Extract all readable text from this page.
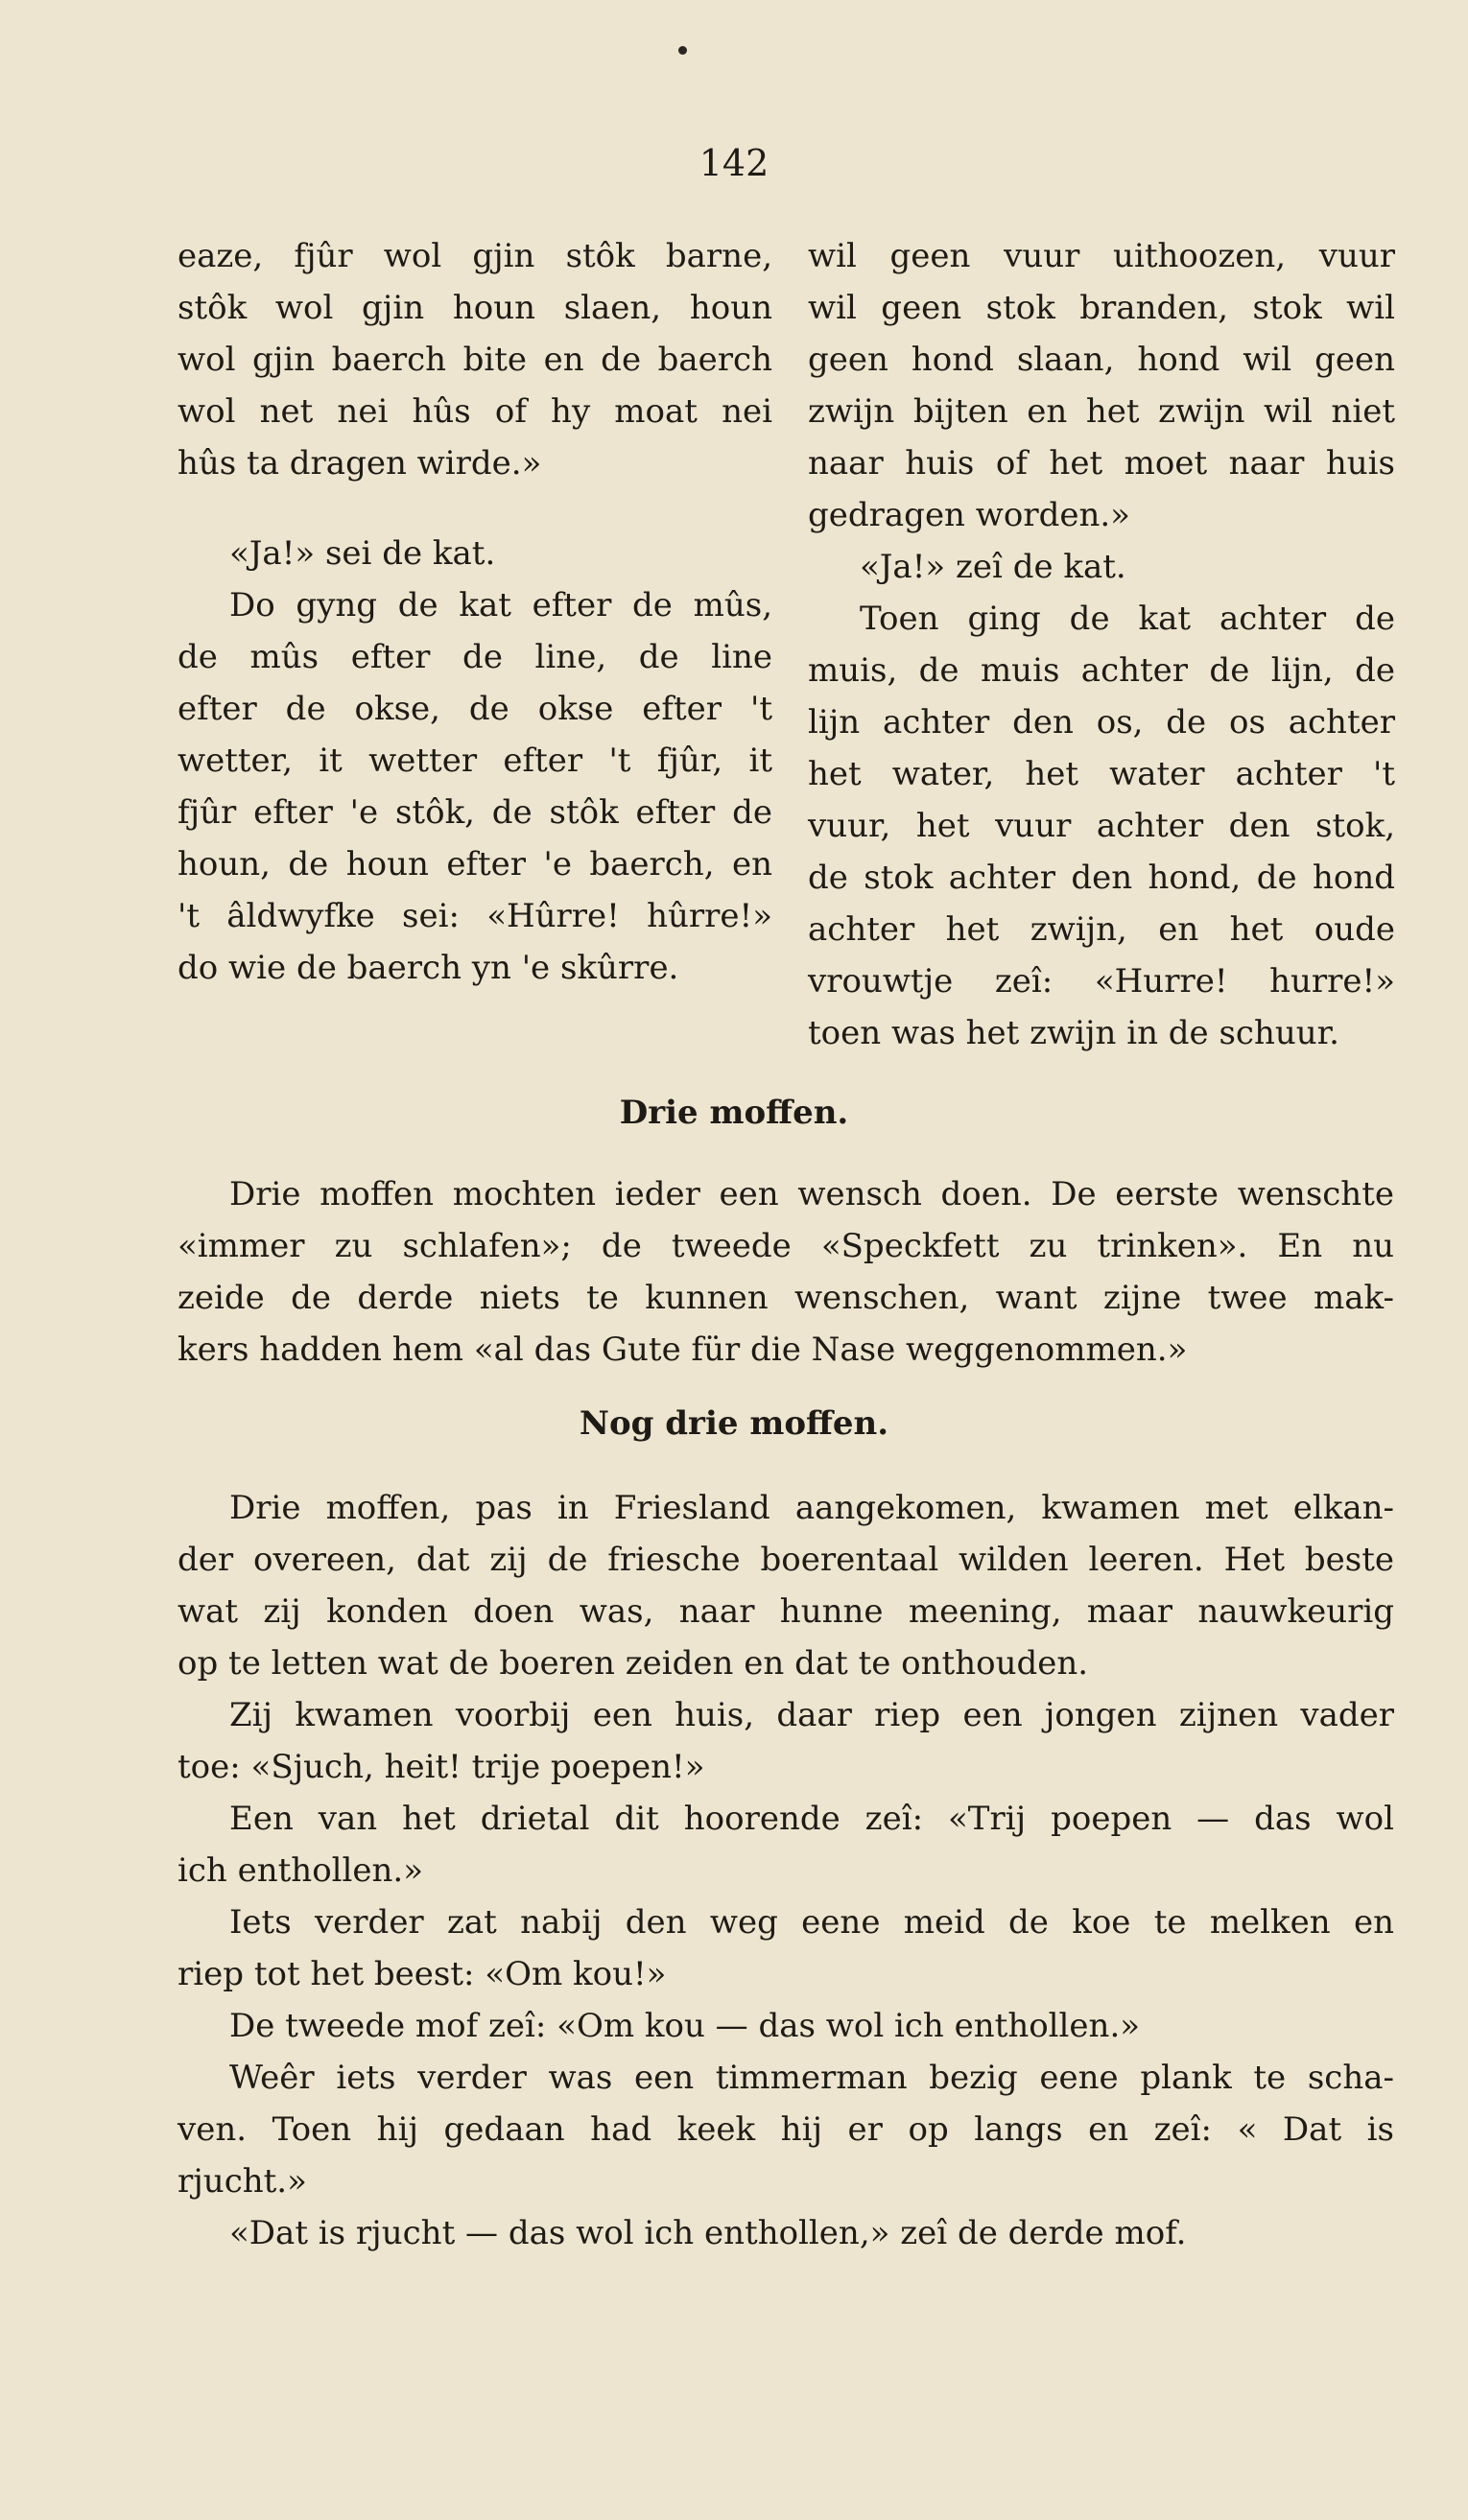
142
eaze, fjûr wol gjin stôk barne,
stôk wol gjin houn slaen, houn
wol gjin baerch bite en de baerch
wol net nei hûs of hy moat nei
hûs ta dragen wirde.»
«Ja!» sei de kat.
Do gyng de kat efter de mûs,
de mûs efter de line, de line
efter de okse, de okse efter 't
wetter, it wetter efter 't fjûr, it
fjûr efter 'e stôk, de stôk efter de
houn, de houn efter 'e baerch, en
't âldwyfke sei: «Hûrre! hûrre!»
do wie de baerch yn 'e skûrre.
wil geen vuur uithoozen, vuur
wil geen stok branden, stok wil
geen hond slaan, hond wil geen
zwijn bijten en het zwijn wil niet
naar huis of het moet naar huis
gedragen worden.»
«Ja!» zeî de kat.
Toen ging de kat achter de
muis, de muis achter de lijn, de
lijn achter den os, de os achter
het water, het water achter 't
vuur, het vuur achter den stok,
de stok achter den hond, de hond
achter het zwijn, en het oude
vrouwtje zeî: «Hurre! hurre!»
toen was het zwijn in de schuur.
Drie moffen.
Drie moffen mochten ieder een wensch doen. De eerste wenschte
«immer zu schlafen»; de tweede «Speckfett zu trinken». En nu
zeide de derde niets te kunnen wenschen, want zijne twee mak-
kers hadden hem «al das Gute für die Nase weggenommen.»
Nog drie moffen.
Drie moffen, pas in Friesland aangekomen, kwamen met elkan-
der overeen, dat zij de friesche boerentaal wilden leeren. Het beste
wat zij konden doen was, naar hunne meening, maar nauwkeurig
op te letten wat de boeren zeiden en dat te onthouden.
Zij kwamen voorbij een huis, daar riep een jongen zijnen vader
toe: «Sjuch, heit! trije poepen!»
Een van het drietal dit hoorende zeî: «Trij poepen — das wol
ich enthollen.»
Iets verder zat nabij den weg eene meid de koe te melken en
riep tot het beest: «Om kou!»
De tweede mof zeî: «Om kou — das wol ich enthollen.»
Weêr iets verder was een timmerman bezig eene plank te scha-
ven. Toen hij gedaan had keek hij er op langs en zeî: « Dat is
rjucht.»
«Dat is rjucht — das wol ich enthollen,» zeî de derde mof.
